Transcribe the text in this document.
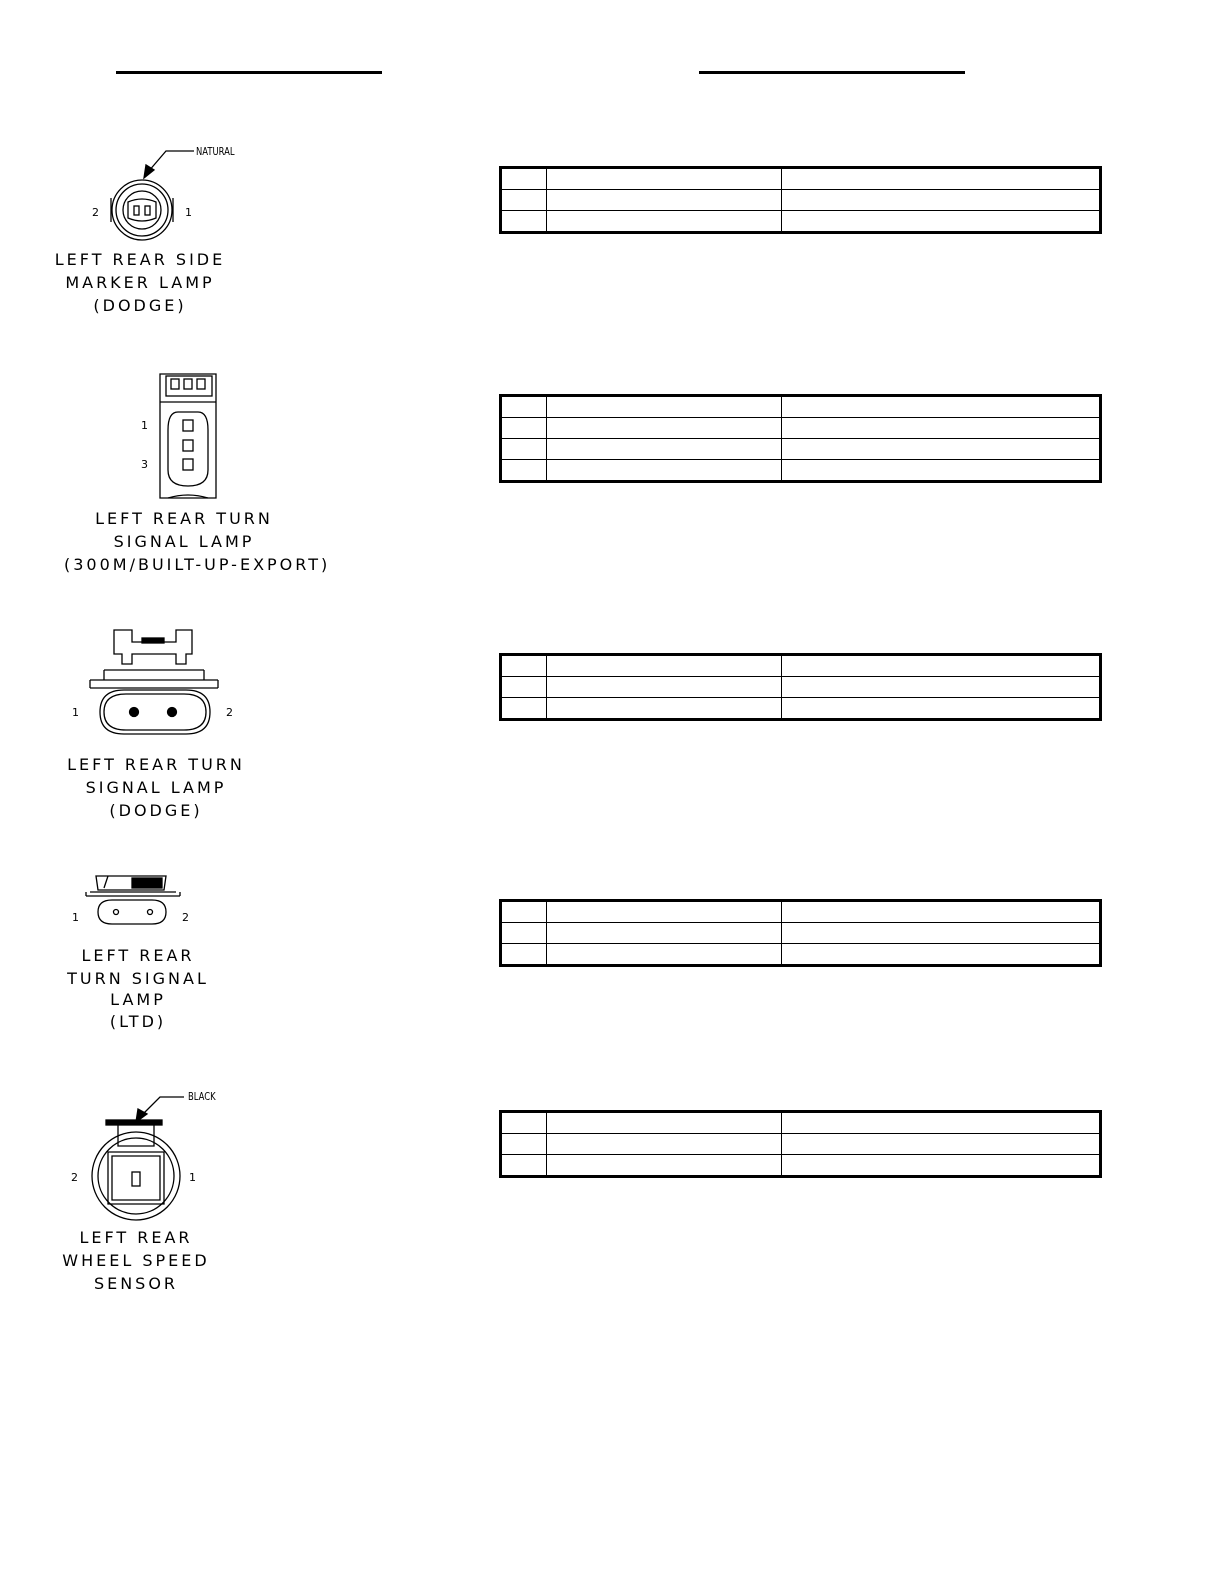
NATURAL
2	1
LEFT REAR SIDE
MARKER LAMP
(DODGE)
1
3
LEFT REAR TURN
SIGNAL LAMP
(300M/BUILT-UP-EXPORT)
1	2
LEFT REAR TURN
SIGNAL LAMP
(DODGE)
1	2
LEFT REAR
TURN SIGNAL
LAMP
(LTD)
BLACK
2	1
LEFT REAR
WHEEL SPEED
SENSOR
